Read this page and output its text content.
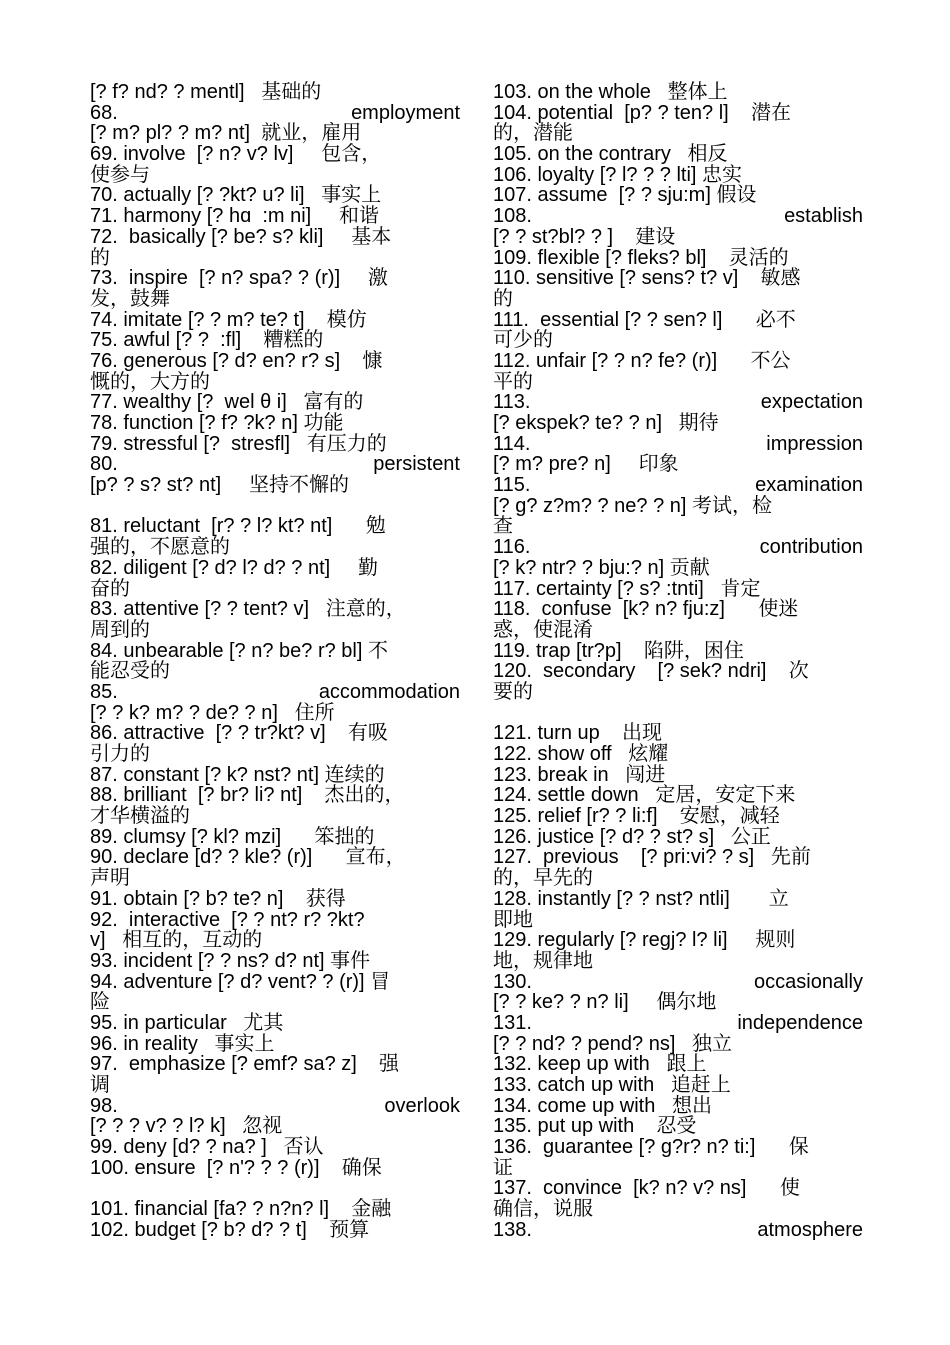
[? f? nd? ? mentl]   基础的
68.	employment
[? m? pl? ? m? nt]  就业，雇用
69. involve  [? n? v? lv]     包含，
使参与
70. actually [? ?kt? u? li]   事实上
71. harmony [? hɑ  :m ni]     和谐
72.  basically [? be? s? kli]     基本
的
73.  inspire  [? n? spa? ? (r)]     激
发，鼓舞
74. imitate [? ? m? te? t]    模仿
75. awful [? ?  :fl]    糟糕的
76. generous [? d? en? r? s]    慷
慨的，大方的
77. wealthy [?  wel θ i]   富有的
78. function [? f? ?k? n] 功能
79. stressful [?  stresfl]   有压力的
80.	persistent
[p? ? s? st? nt]     坚持不懈的
81. reluctant  [r? ? l? kt? nt]      勉
强的，不愿意的
82. diligent [? d? l? d? ? nt]     勤
奋的
83. attentive [? ? tent? v]   注意的，
周到的
84. unbearable [? n? be? r? bl] 不
能忍受的
85.	accommodation
[? ? k? m? ? de? ? n]   住所
86. attractive  [? ? tr?kt? v]    有吸
引力的
87. constant [? k? nst? nt] 连续的
88. brilliant  [? br? li? nt]    杰出的，
才华横溢的
89. clumsy [? kl? mzi]      笨拙的
90. declare [d? ? kle? (r)]      宣布，
声明
91. obtain [? b? te? n]    获得
92.  interactive  [? ? nt? r? ?kt?
v]   相互的，互动的
93. incident [? ? ns? d? nt] 事件
94. adventure [? d? vent? ? (r)] 冒
险
95. in particular   尤其
96. in reality   事实上
97.  emphasize [? emf? sa? z]    强
调
98.	overlook
[? ? ? v? ? l? k]   忽视
99. deny [d? ? na? ]   否认
100. ensure  [? n'? ? ? (r)]    确保
101. financial [fa? ? n?n? l]    金融
102. budget [? b? d? ? t]    预算
103. on the whole   整体上
104. potential  [p? ? ten? l]    潜在
的，潜能
105. on the contrary   相反
106. loyalty [? l? ? ? lti] 忠实
107. assume  [? ? sju:m] 假设
108.	establish
[? ? st?bl? ? ]    建设
109. flexible [? fleks? bl]    灵活的
110. sensitive [? sens? t? v]    敏感
的
111.  essential [? ? sen? l]      必不
可少的
112. unfair [? ? n? fe? (r)]      不公
平的
113.	expectation
[? ekspek? te? ? n]   期待
114.	impression
[? m? pre? n]     印象
115.	examination
[? g? z?m? ? ne? ? n] 考试，检
查
116.	contribution
[? k? ntr? ? bju:? n] 贡献
117. certainty [? s? :tnti]   肯定
118.  confuse  [k? n? fju:z]      使迷
惑，使混淆
119. trap [tr?p]    陷阱，困住
120.  secondary    [? sek? ndri]    次
要的
121. turn up    出现
122. show off   炫耀
123. break in   闯进
124. settle down   定居，安定下来
125. relief [r? ? li:f]    安慰，减轻
126. justice [? d? ? st? s]   公正
127.  previous    [? pri:vi? ? s]   先前
的，早先的
128. instantly [? ? nst? ntli]       立
即地
129. regularly [? regj? l? li]     规则
地，规律地
130.	occasionally
[? ? ke? ? n? li]     偶尔地
131.	independence
[? ? nd? ? pend? ns]   独立
132. keep up with   跟上
133. catch up with   追赶上
134. come up with   想出
135. put up with    忍受
136.  guarantee [? g?r? n? ti:]      保
证
137.  convince  [k? n? v? ns]      使
确信，说服
138.	atmosphere
